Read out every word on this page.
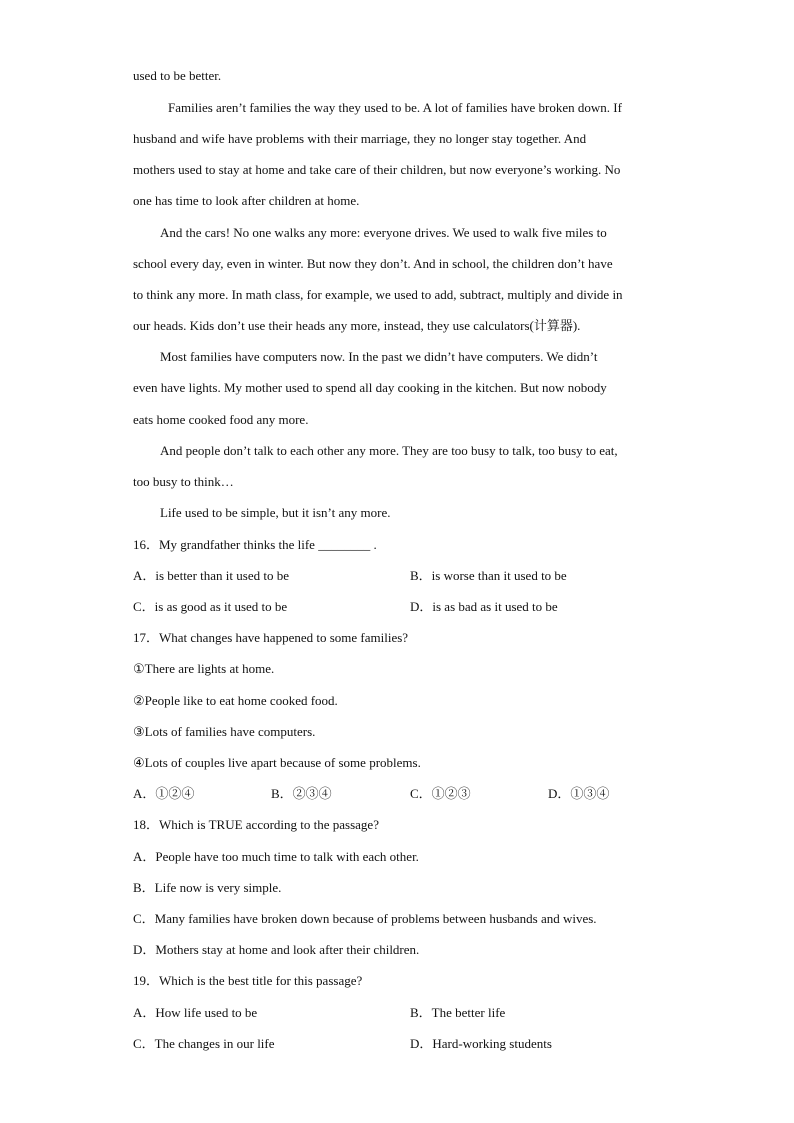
used to be better.
Families aren’t families the way they used to be. A lot of families have broken down. If
husband and wife have problems with their marriage, they no longer stay together. And
mothers used to stay at home and take care of their children, but now everyone’s working. No
one has time to look after children at home.
And the cars! No one walks any more: everyone drives. We used to walk five miles to
school every day, even in winter. But now they don’t. And in school, the children don’t have
to think any more. In math class, for example, we used to add, subtract, multiply and divide in
our heads. Kids don’t use their heads any more, instead, they use calculators(计算器).
Most families have computers now. In the past we didn’t have computers. We didn’t
even have lights. My mother used to spend all day cooking in the kitchen. But now nobody
eats home cooked food any more.
And people don’t talk to each other any more. They are too busy to talk, too busy to eat,
too busy to think…
Life used to be simple, but it isn’t any more.
16．My grandfather thinks the life ________ .
A．is better than it used to be	B．is worse than it used to be
C．is as good as it used to be	D．is as bad as it used to be
17．What changes have happened to some families?
①There are lights at home.
②People like to eat home cooked food.
③Lots of families have computers.
④Lots of couples live apart because of some problems.
A．①②④	B．②③④	C．①②③	D．①③④
18．Which is TRUE according to the passage?
A．People have too much time to talk with each other.
B．Life now is very simple.
C．Many families have broken down because of problems between husbands and wives.
D．Mothers stay at home and look after their children.
19．Which is the best title for this passage?
A．How life used to be	B．The better life
C．The changes in our life	D．Hard-working students
